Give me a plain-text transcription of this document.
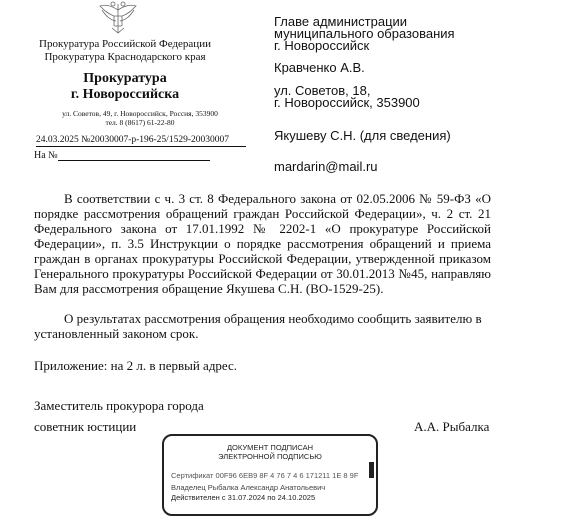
Прокуратура Российской Федерации
Прокуратура Краснодарского края
Прокуратура
г. Новороссийска
ул. Советов, 49, г. Новороссийск, Россия, 353900
тел. 8 (8617) 61-22-80
24.03.2025 №20030007-р-196-25/1529-20030007
На №
Главе администрации
муниципального образования
г. Новороссийск
Кравченко А.В.
ул. Советов, 18,
г. Новороссийск, 353900
Якушеву С.Н. (для сведения)
mardarin@mail.ru
В соответствии с ч. 3 ст. 8 Федерального закона от 02.05.2006 № 59-ФЗ «О порядке рассмотрения обращений граждан Российской Федерации», ч. 2 ст. 21 Федерального закона от 17.01.1992 № 2202-1 «О прокуратуре Российской Федерации», п. 3.5 Инструкции о порядке рассмотрения обращений и приема граждан в органах прокуратуры Российской Федерации, утвержденной приказом Генерального прокуратуры Российской Федерации от 30.01.2013 №45, направляю Вам для рассмотрения обращение Якушева С.Н. (ВО-1529-25).
О результатах рассмотрения обращения необходимо сообщить заявителю в установленный законом срок.
Приложение: на 2 л. в первый адрес.
Заместитель прокурора города
советник юстиции	А.А. Рыбалка
ДОКУМЕНТ ПОДПИСАН
ЭЛЕКТРОННОЙ ПОДПИСЬЮ
Сертификат 00F96 6EB9 8F 4 76 7 4 6 171211 1E 8 9F
Владелец Рыбалка Александр Анатольевич
Действителен с 31.07.2024 по 24.10.2025
